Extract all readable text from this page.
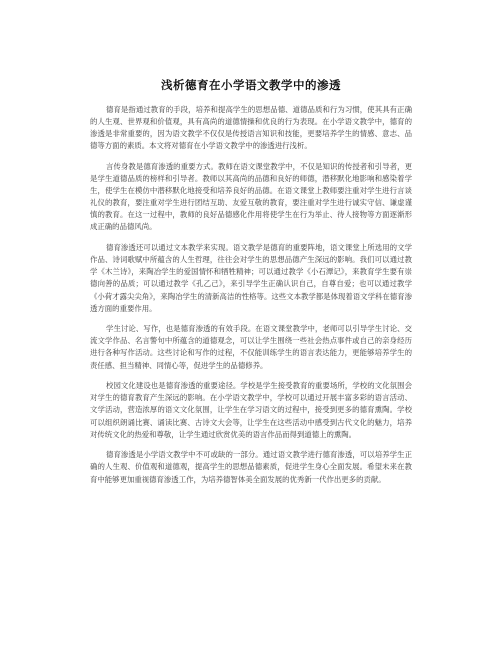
浅析德育在小学语文教学中的渗透

德育是指通过教育的手段，培养和提高学生的思想品德、道德品质和行为习惯，使其具有正确的人生观、世界观和价值观，具有高尚的道德情操和优良的行为表现。在小学语文教学中，德育的渗透是非常重要的，因为语文教学不仅仅是传授语言知识和技能，更要培养学生的情感、意志、品德等方面的素质。本文将对德育在小学语文教学中的渗透进行浅析。

言传身教是德育渗透的重要方式。教师在语文课堂教学中，不仅是知识的传授者和引导者，更是学生道德品质的榜样和引导者。教师以其高尚的品德和良好的师德，潜移默化地影响和感染着学生，使学生在模仿中潜移默化地接受和培养良好的品德。在语文课堂上教师要注重对学生进行言谈礼仪的教育，要注重对学生进行团结互助、友爱互敬的教育，要注重对学生进行诚实守信、谦虚谨慎的教育。在这一过程中，教师的良好品德感化作用将使学生在行为举止、待人接物等方面逐渐形成正确的品德风尚。

德育渗透还可以通过文本教学来实现。语文教学是德育的重要阵地，语文课堂上所选用的文学作品、诗词歌赋中所蕴含的人生哲理，往往会对学生的思想品德产生深远的影响。我们可以通过教学《木兰诗》，来陶冶学生的爱国情怀和牺牲精神；可以通过教学《小石潭记》，来教育学生要有崇德向善的品质；可以通过教学《孔乙己》，来引导学生正确认识自己，自尊自爱；也可以通过教学《小荷才露尖尖角》，来陶冶学生的清新高洁的性格等。这些文本教学都是体现着语文学科在德育渗透方面的重要作用。

学生讨论、写作，也是德育渗透的有效手段。在语文课堂教学中，老师可以引导学生讨论、交流文学作品、名言警句中所蕴含的道德观念，可以让学生围绕一些社会热点事件或自己的亲身经历进行各种写作活动。这些讨论和写作的过程，不仅能训练学生的语言表达能力，更能够培养学生的责任感、担当精神、同情心等，促进学生的品德修养。

校园文化建设也是德育渗透的重要途径。学校是学生接受教育的重要场所，学校的文化氛围会对学生的德育教育产生深远的影响。在小学语文教学中，学校可以通过开展丰富多彩的语言活动、文学活动，营造浓厚的语文文化氛围，让学生在学习语文的过程中，接受到更多的德育熏陶。学校可以组织朗诵比赛、诵读比赛、古诗文大会等，让学生在这些活动中感受到古代文化的魅力，培养对传统文化的热爱和尊敬，让学生通过欣赏优美的语言作品而得到道德上的熏陶。

德育渗透是小学语文教学中不可或缺的一部分。通过语文教学进行德育渗透，可以培养学生正确的人生观、价值观和道德观，提高学生的思想品德素质，促进学生身心全面发展。希望未来在教育中能够更加重视德育渗透工作，为培养德智体美全面发展的优秀新一代作出更多的贡献。
